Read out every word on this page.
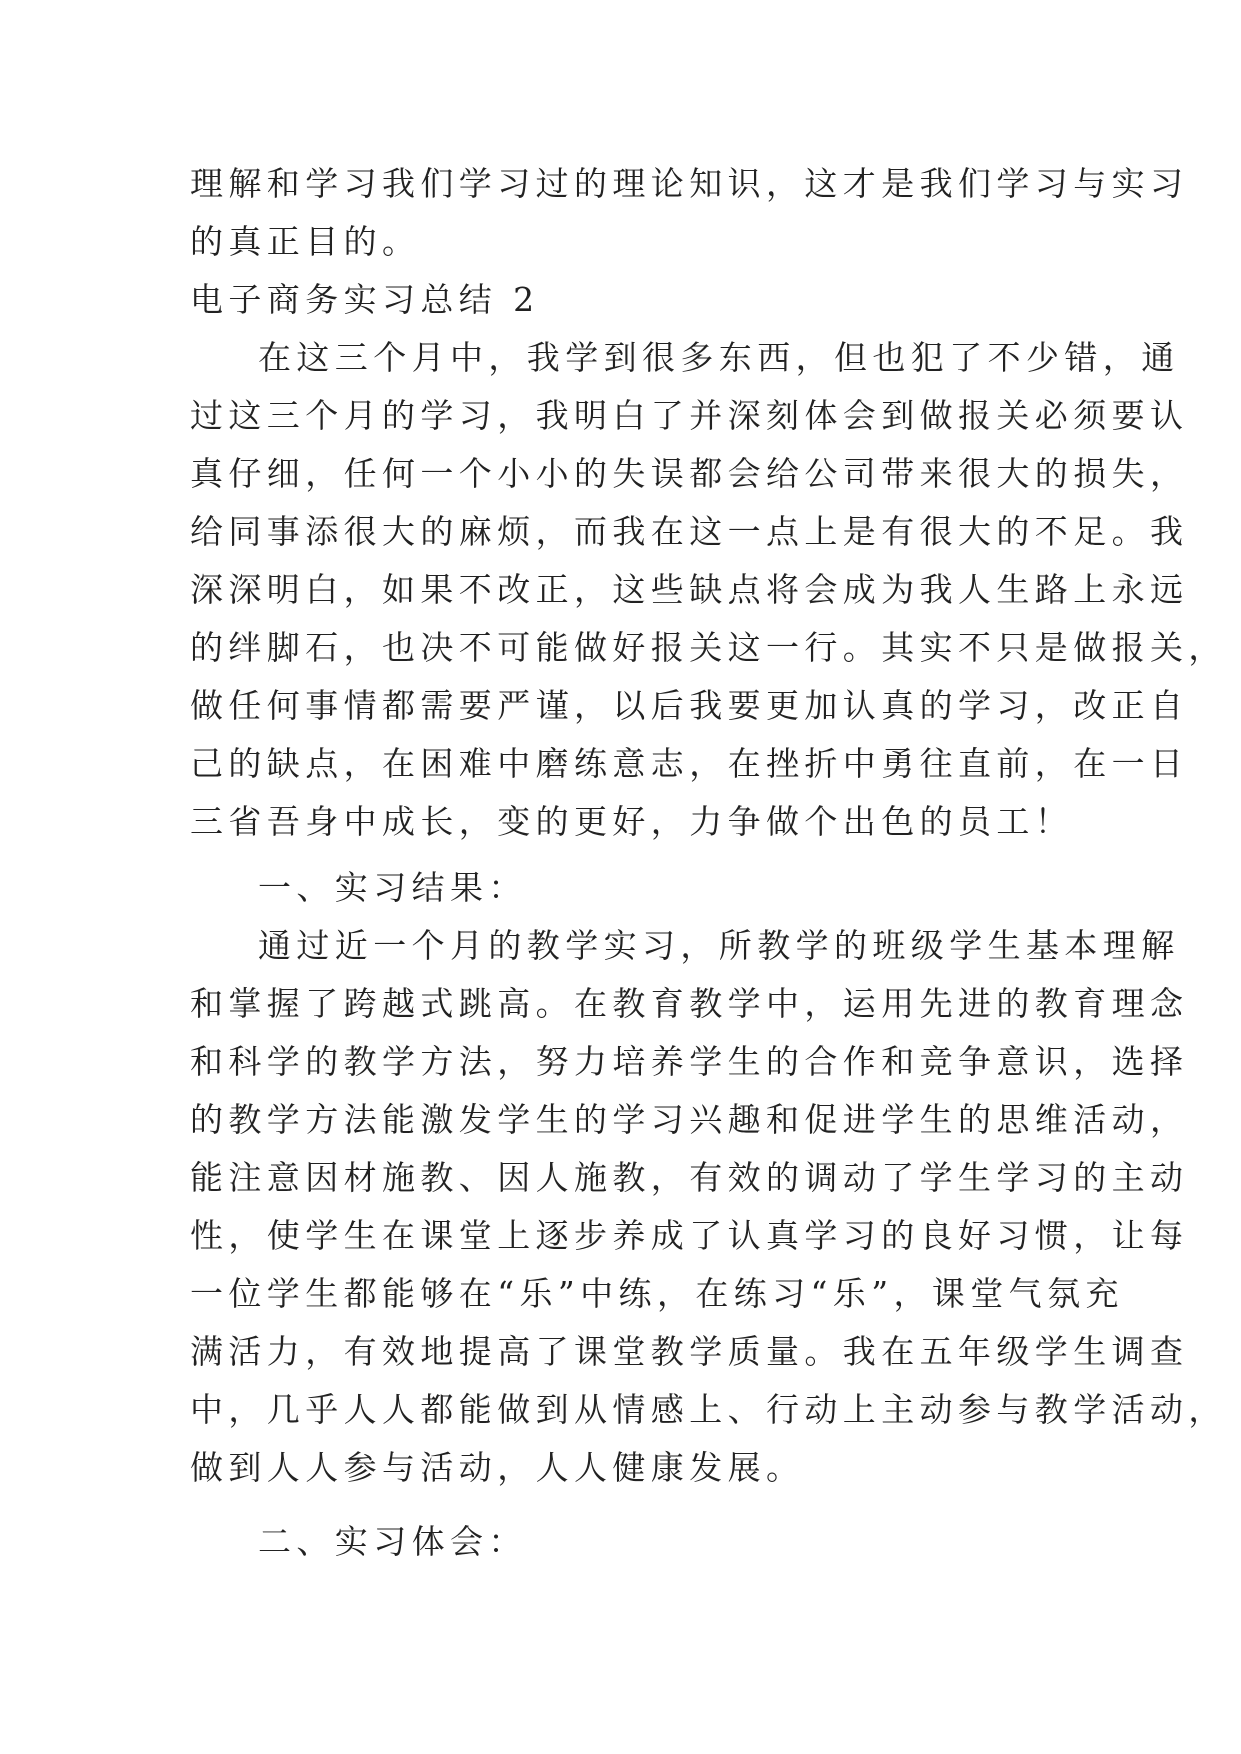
理解和学习我们学习过的理论知识，这才是我们学习与实习
的真正目的。
电子商务实习总结 2
在这三个月中，我学到很多东西，但也犯了不少错，通
过这三个月的学习，我明白了并深刻体会到做报关必须要认
真仔细，任何一个小小的失误都会给公司带来很大的损失，
给同事添很大的麻烦，而我在这一点上是有很大的不足。我
深深明白，如果不改正，这些缺点将会成为我人生路上永远
的绊脚石，也决不可能做好报关这一行。其实不只是做报关，
做任何事情都需要严谨，以后我要更加认真的学习，改正自
己的缺点，在困难中磨练意志，在挫折中勇往直前，在一日
三省吾身中成长，变的更好，力争做个出色的员工！
一、实习结果：
通过近一个月的教学实习，所教学的班级学生基本理解
和掌握了跨越式跳高。在教育教学中，运用先进的教育理念
和科学的教学方法，努力培养学生的合作和竞争意识，选择
的教学方法能激发学生的学习兴趣和促进学生的思维活动，
能注意因材施教、因人施教，有效的调动了学生学习的主动
性，使学生在课堂上逐步养成了认真学习的良好习惯，让每
一位学生都能够在“乐”中练，在练习“乐”，课堂气氛充
满活力，有效地提高了课堂教学质量。我在五年级学生调查
中，几乎人人都能做到从情感上、行动上主动参与教学活动，
做到人人参与活动，人人健康发展。
二、实习体会：
